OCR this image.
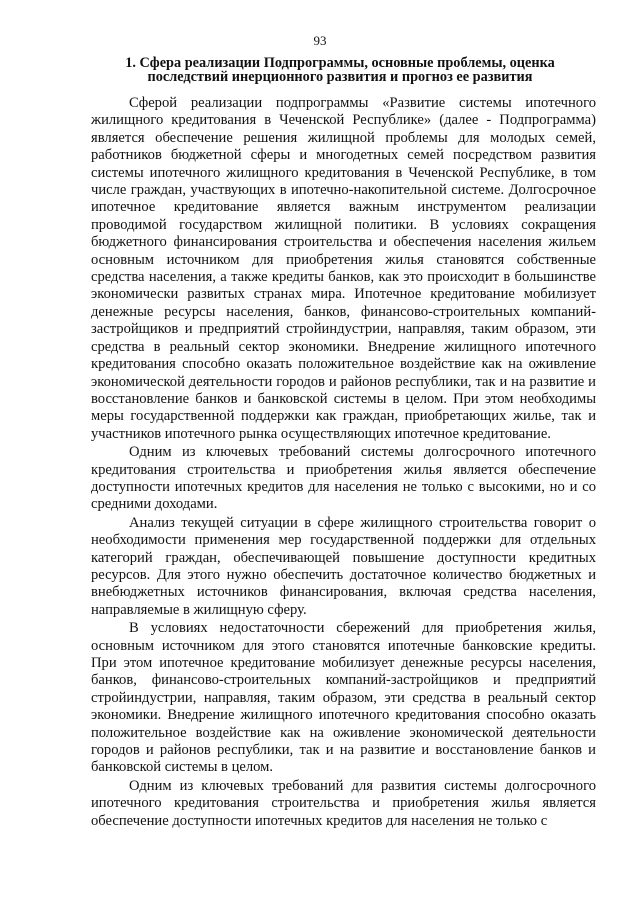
93
1. Сфера реализации Подпрограммы, основные проблемы, оценка последствий инерционного развития и прогноз ее развития

Сферой реализации подпрограммы «Развитие системы ипотечного жилищного кредитования в Чеченской Республике» (далее - Подпрограмма) является обеспечение решения жилищной проблемы для молодых семей, работников бюджетной сферы и многодетных семей посредством развития системы ипотечного жилищного кредитования в Чеченской Республике, в том числе граждан, участвующих в ипотечно-накопительной системе. Долгосрочное ипотечное кредитование является важным инструментом реализации проводимой государством жилищной политики. В условиях сокращения бюджетного финансирования строительства и обеспечения населения жильем основным источником для приобретения жилья становятся собственные средства населения, а также кредиты банков, как это происходит в большинстве экономически развитых странах мира. Ипотечное кредитование мобилизует денежные ресурсы населения, банков, финансово-строительных компаний-застройщиков и предприятий стройиндустрии, направляя, таким образом, эти средства в реальный сектор экономики. Внедрение жилищного ипотечного кредитования способно оказать положительное воздействие как на оживление экономической деятельности городов и районов республики, так и на развитие и восстановление банков и банковской системы в целом. При этом необходимы меры государственной поддержки как граждан, приобретающих жилье, так и участников ипотечного рынка осуществляющих ипотечное кредитование.

Одним из ключевых требований системы долгосрочного ипотечного кредитования строительства и приобретения жилья является обеспечение доступности ипотечных кредитов для населения не только с высокими, но и со средними доходами.

Анализ текущей ситуации в сфере жилищного строительства говорит о необходимости применения мер государственной поддержки для отдельных категорий граждан, обеспечивающей повышение доступности кредитных ресурсов. Для этого нужно обеспечить достаточное количество бюджетных и внебюджетных источников финансирования, включая средства населения, направляемые в жилищную сферу.

В условиях недостаточности сбережений для приобретения жилья, основным источником для этого становятся ипотечные банковские кредиты. При этом ипотечное кредитование мобилизует денежные ресурсы населения, банков, финансово-строительных компаний-застройщиков и предприятий стройиндустрии, направляя, таким образом, эти средства в реальный сектор экономики. Внедрение жилищного ипотечного кредитования способно оказать положительное воздействие как на оживление экономической деятельности городов и районов республики, так и на развитие и восстановление банков и банковской системы в целом.

Одним из ключевых требований для развития системы долгосрочного ипотечного кредитования строительства и приобретения жилья является обеспечение доступности ипотечных кредитов для населения не только с
